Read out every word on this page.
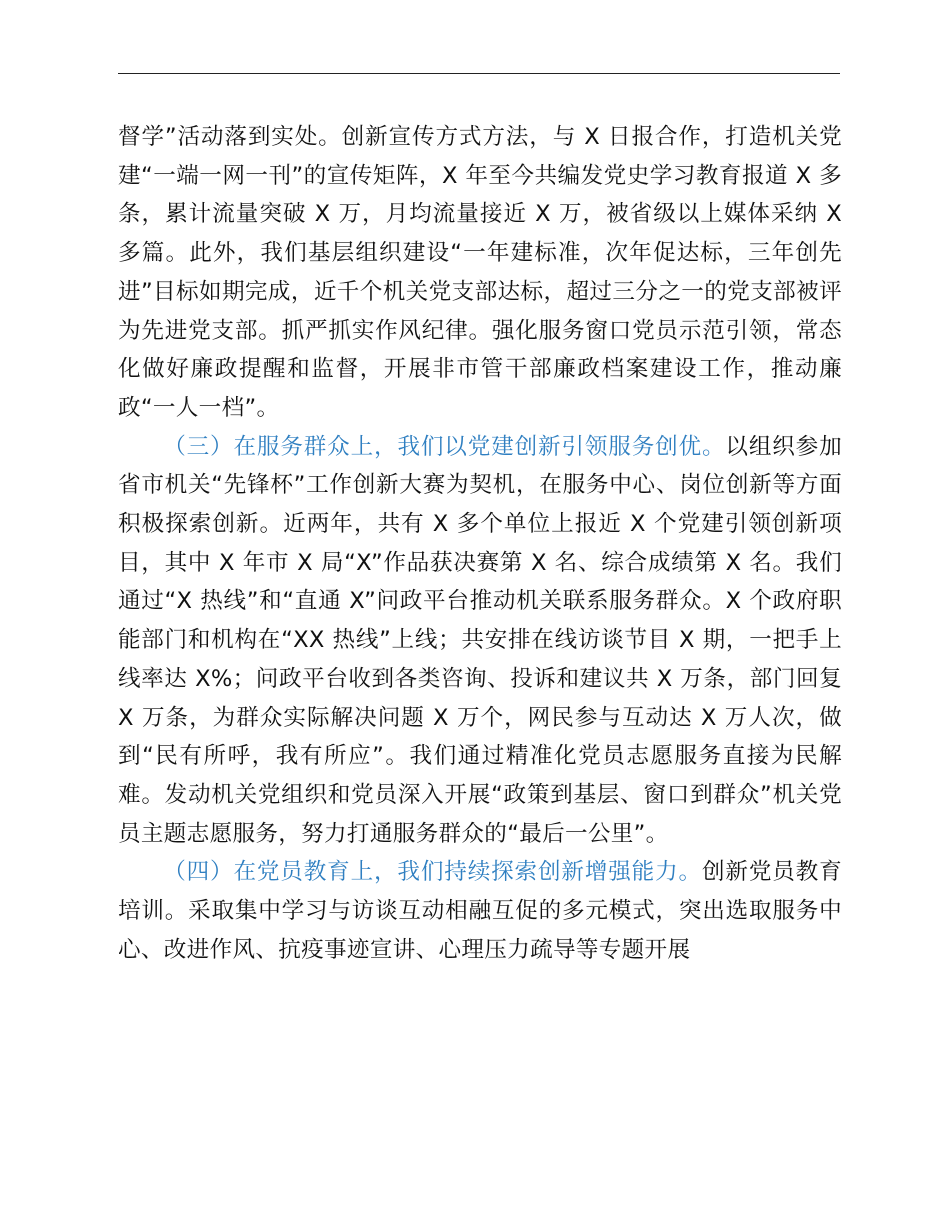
督学”活动落到实处。创新宣传方式方法，与 X 日报合作，打造机关党建“一端一网一刊”的宣传矩阵，X 年至今共编发党史学习教育报道 X 多条，累计流量突破 X 万，月均流量接近 X 万，被省级以上媒体采纳 X 多篇。此外，我们基层组织建设“一年建标准，次年促达标，三年创先进”目标如期完成，近千个机关党支部达标，超过三分之一的党支部被评为先进党支部。抓严抓实作风纪律。强化服务窗口党员示范引领，常态化做好廉政提醒和监督，开展非市管干部廉政档案建设工作，推动廉政“一人一档”。

（三）在服务群众上，我们以党建创新引领服务创优。以组织参加省市机关“先锋杯”工作创新大赛为契机，在服务中心、岗位创新等方面积极探索创新。近两年，共有 X 多个单位上报近 X 个党建引领创新项目，其中 X 年市 X 局“X”作品获决赛第 X 名、综合成绩第 X 名。我们通过“X 热线”和“直通 X”问政平台推动机关联系服务群众。X 个政府职能部门和机构在“XX 热线”上线；共安排在线访谈节目 X 期，一把手上线率达 X%；问政平台收到各类咨询、投诉和建议共 X 万条，部门回复 X 万条，为群众实际解决问题 X 万个，网民参与互动达 X 万人次，做到“民有所呼，我有所应”。我们通过精准化党员志愿服务直接为民解难。发动机关党组织和党员深入开展“政策到基层、窗口到群众”机关党员主题志愿服务，努力打通服务群众的“最后一公里”。

（四）在党员教育上，我们持续探索创新增强能力。创新党员教育培训。采取集中学习与访谈互动相融互促的多元模式，突出选取服务中心、改进作风、抗疫事迹宣讲、心理压力疏导等专题开展
